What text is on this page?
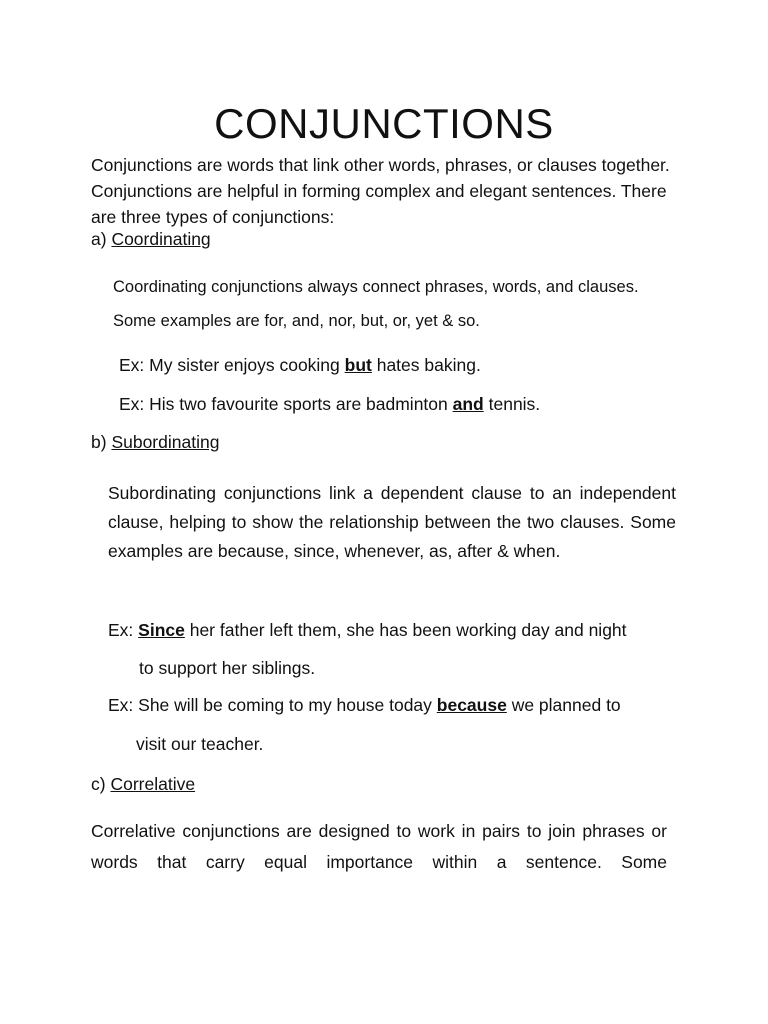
CONJUNCTIONS
Conjunctions are words that link other words, phrases, or clauses together. Conjunctions are helpful in forming complex and elegant sentences. There are three types of conjunctions:
a) Coordinating
Coordinating conjunctions always connect phrases, words, and clauses. Some examples are for, and, nor, but, or, yet & so.
Ex: My sister enjoys cooking but hates baking.
Ex: His two favourite sports are badminton and tennis.
b) Subordinating
Subordinating conjunctions link a dependent clause to an independent clause, helping to show the relationship between the two clauses. Some examples are because, since, whenever, as, after & when.
Ex: Since her father left them, she has been working day and night
to support her siblings.
Ex: She will be coming to my house today because we planned to
visit our teacher.
c) Correlative
Correlative conjunctions are designed to work in pairs to join phrases or words that carry equal importance within a sentence. Some
